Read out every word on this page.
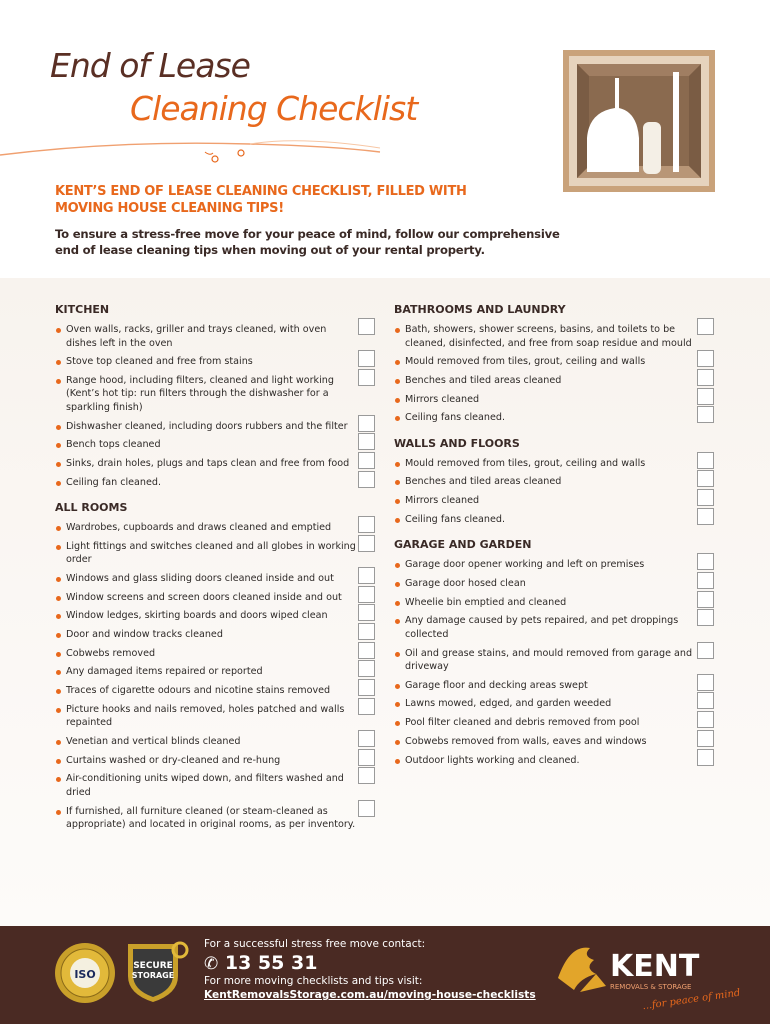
End of Lease
Cleaning Checklist
KENT’S END OF LEASE CLEANING CHECKLIST, FILLED WITH MOVING HOUSE CLEANING TIPS!
To ensure a stress-free move for your peace of mind, follow our comprehensive end of lease cleaning tips when moving out of your rental property.
KITCHEN
Oven walls, racks, griller and trays cleaned, with oven dishes left in the oven
Stove top cleaned and free from stains
Range hood, including filters, cleaned and light working (Kent’s hot tip: run filters through the dishwasher for a sparkling finish)
Dishwasher cleaned, including doors rubbers and the filter
Bench tops cleaned
Sinks, drain holes, plugs and taps clean and free from food
Ceiling fan cleaned.
ALL ROOMS
Wardrobes, cupboards and draws cleaned and emptied
Light fittings and switches cleaned and all globes in working order
Windows and glass sliding doors cleaned inside and out
Window screens and screen doors cleaned inside and out
Window ledges, skirting boards and doors wiped clean
Door and window tracks cleaned
Cobwebs removed
Any damaged items repaired or reported
Traces of cigarette odours and nicotine stains removed
Picture hooks and nails removed, holes patched and walls repainted
Venetian and vertical blinds cleaned
Curtains washed or dry-cleaned and re-hung
Air-conditioning units wiped down, and filters washed and dried
If furnished, all furniture cleaned (or steam-cleaned as appropriate) and located in original rooms, as per inventory.
BATHROOMS AND LAUNDRY
Bath, showers, shower screens, basins, and toilets to be cleaned, disinfected, and free from soap residue and mould
Mould removed from tiles, grout, ceiling and walls
Benches and tiled areas cleaned
Mirrors cleaned
Ceiling fans cleaned.
WALLS AND FLOORS
Mould removed from tiles, grout, ceiling and walls
Benches and tiled areas cleaned
Mirrors cleaned
Ceiling fans cleaned.
GARAGE AND GARDEN
Garage door opener working and left on premises
Garage door hosed clean
Wheelie bin emptied and cleaned
Any damage caused by pets repaired, and pet droppings collected
Oil and grease stains, and mould removed from garage and driveway
Garage floor and decking areas swept
Lawns mowed, edged, and garden weeded
Pool filter cleaned and debris removed from pool
Cobwebs removed from walls, eaves and windows
Outdoor lights working and cleaned.
ISO
SECURE
STORAGE
For a successful stress free move contact:
✆ 13 55 31
For more moving checklists and tips visit:
KentRemovalsStorage.com.au/moving-house-checklists
KENT
REMOVALS & STORAGE
...for peace of mind
